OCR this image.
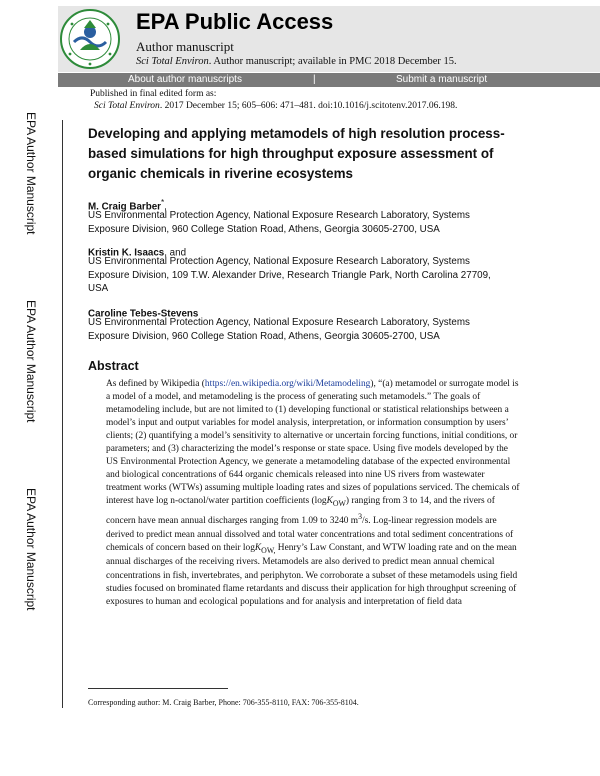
EPA Public Access
Author manuscript
Sci Total Environ. Author manuscript; available in PMC 2018 December 15.
About author manuscripts	|	Submit a manuscript
Published in final edited form as:
Sci Total Environ. 2017 December 15; 605–606: 471–481. doi:10.1016/j.scitotenv.2017.06.198.
EPA Author Manuscript
EPA Author Manuscript
EPA Author Manuscript
Developing and applying metamodels of high resolution process-based simulations for high throughput exposure assessment of organic chemicals in riverine ecosystems
M. Craig Barber*,
US Environmental Protection Agency, National Exposure Research Laboratory, Systems Exposure Division, 960 College Station Road, Athens, Georgia 30605-2700, USA
Kristin K. Isaacs, and
US Environmental Protection Agency, National Exposure Research Laboratory, Systems Exposure Division, 109 T.W. Alexander Drive, Research Triangle Park, North Carolina 27709, USA
Caroline Tebes-Stevens
US Environmental Protection Agency, National Exposure Research Laboratory, Systems Exposure Division, 960 College Station Road, Athens, Georgia 30605-2700, USA
Abstract
As defined by Wikipedia (https://en.wikipedia.org/wiki/Metamodeling), “(a) metamodel or surrogate model is a model of a model, and metamodeling is the process of generating such metamodels.” The goals of metamodeling include, but are not limited to (1) developing functional or statistical relationships between a model’s input and output variables for model analysis, interpretation, or information consumption by users’ clients; (2) quantifying a model’s sensitivity to alternative or uncertain forcing functions, initial conditions, or parameters; and (3) characterizing the model’s response or state space. Using five models developed by the US Environmental Protection Agency, we generate a metamodeling database of the expected environmental and biological concentrations of 644 organic chemicals released into nine US rivers from wastewater treatment works (WTWs) assuming multiple loading rates and sizes of populations serviced. The chemicals of interest have log n-octanol/water partition coefficients (logK$_{OW}$) ranging from 3 to 14, and the rivers of concern have mean annual discharges ranging from 1.09 to 3240 $m^3/s$. Log-linear regression models are derived to predict mean annual dissolved and total water concentrations and total sediment concentrations of chemicals of concern based on their logK$_{OW,}$ Henry’s Law Constant, and WTW loading rate and on the mean annual discharges of the receiving rivers. Metamodels are also derived to predict mean annual chemical concentrations in fish, invertebrates, and periphyton. We corroborate a subset of these metamodels using field studies focused on brominated flame retardants and discuss their application for high throughput screening of exposures to human and ecological populations and for analysis and interpretation of field data
Corresponding author: M. Craig Barber, Phone: 706-355-8110, FAX: 706-355-8104.
